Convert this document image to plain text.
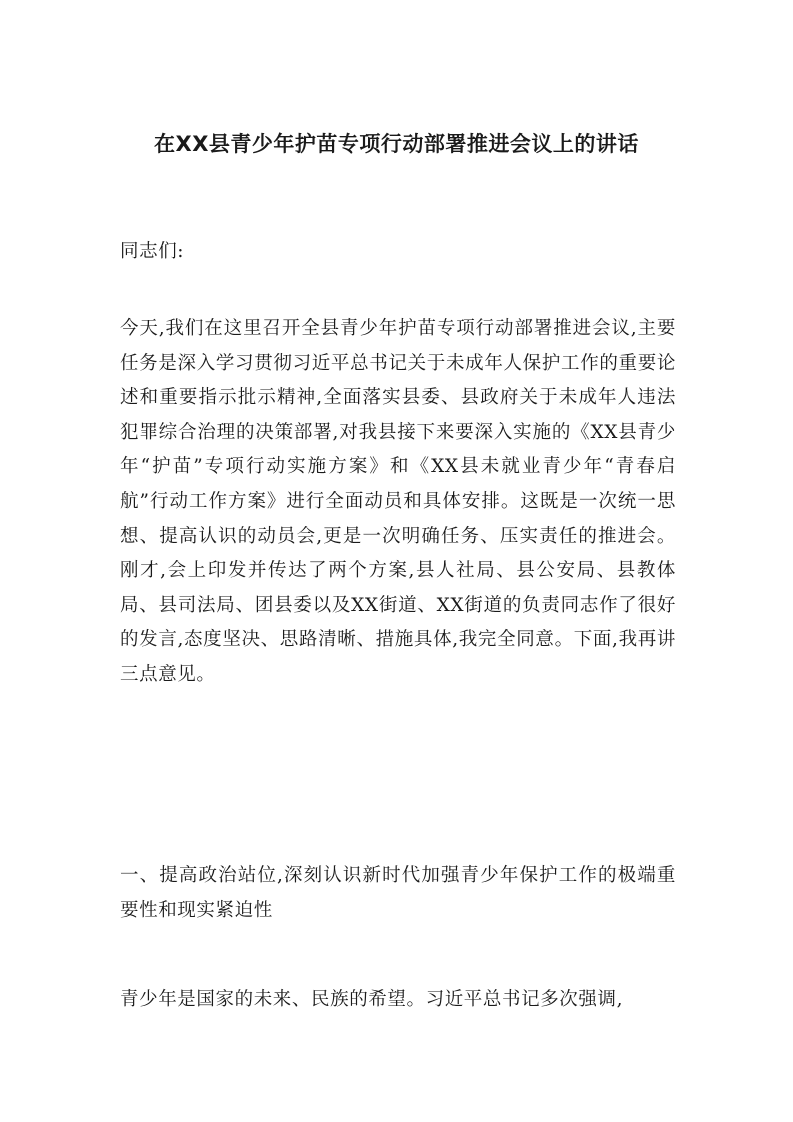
在XX县青少年护苗专项行动部署推进会议上的讲话

同志们:

今天,我们在这里召开全县青少年护苗专项行动部署推进会议,主要任务是深入学习贯彻习近平总书记关于未成年人保护工作的重要论述和重要指示批示精神,全面落实县委、县政府关于未成年人违法犯罪综合治理的决策部署,对我县接下来要深入实施的《XX县青少年“护苗”专项行动实施方案》和《XX县未就业青少年“青春启航”行动工作方案》进行全面动员和具体安排。这既是一次统一思想、提高认识的动员会,更是一次明确任务、压实责任的推进会。刚才,会上印发并传达了两个方案,县人社局、县公安局、县教体局、县司法局、团县委以及XX街道、XX街道的负责同志作了很好的发言,态度坚决、思路清晰、措施具体,我完全同意。下面,我再讲三点意见。

一、提高政治站位,深刻认识新时代加强青少年保护工作的极端重要性和现实紧迫性

青少年是国家的未来、民族的希望。习近平总书记多次强调,
